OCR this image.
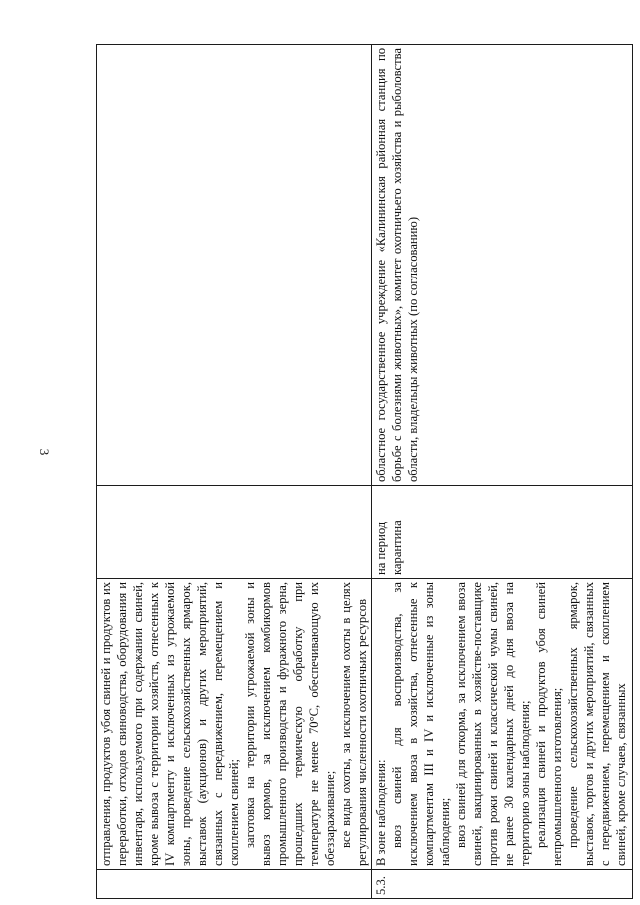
3

	отправления, продуктов убоя свиней и продуктов их переработки, отходов свиноводства, оборудования и инвентаря, используемого при содержании свиней, кроме вывоза с территории хозяйств, отнесенных к IV компартменту и исключенных из угрожаемой зоны, проведение сельскохозяйственных ярмарок, выставок (аукционов) и других мероприятий, связанных с передвижением, перемещением и скоплением свиней; заготовка на территории угрожаемой зоны и вывоз кормов, за исключением комбикормов промышленного производства и фуражного зерна, прошедших термическую обработку при температуре не менее 70°С, обеспечивающую их обеззараживание; все виды охоты, за исключением охоты в целях регулирования численности охотничьих ресурсов		

5.3.	В зоне наблюдения: ввоз свиней для воспроизводства, за исключением ввоза в хозяйства, отнесенные к компартментам III и IV и исключенные из зоны наблюдения; ввоз свиней для откорма, за исключением ввоза свиней, вакцинированных в хозяйстве-поставщике против рожи свиней и классической чумы свиней, не ранее 30 календарных дней до дня ввоза на территорию зоны наблюдения; реализация свиней и продуктов убоя свиней непромышленного изготовления; проведение сельскохозяйственных ярмарок, выставок, торгов и других мероприятий, связанных с передвижением, перемещением и скоплением свиней, кроме случаев, связанных	на период карантина	областное государственное учреждение «Калининская районная станция по борьбе с болезнями животных», комитет охотничьего хозяйства и рыболовства области, владельцы животных (по согласованию)
